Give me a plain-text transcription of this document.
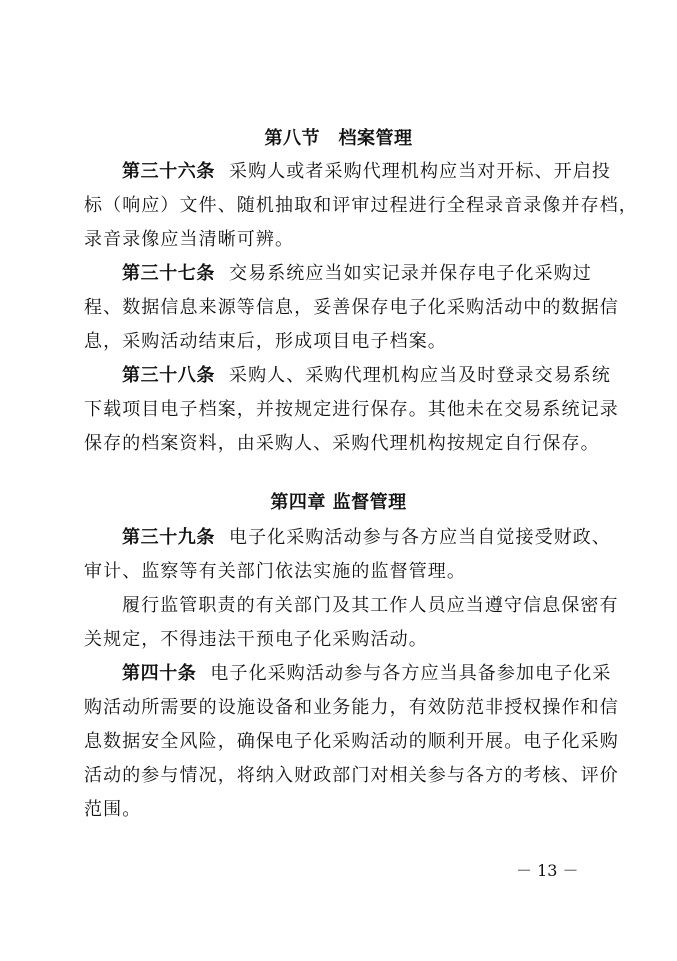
第八节　档案管理
第三十六条 采购人或者采购代理机构应当对开标、开启投
标（响应）文件、随机抽取和评审过程进行全程录音录像并存档，
录音录像应当清晰可辨。
第三十七条 交易系统应当如实记录并保存电子化采购过
程、数据信息来源等信息，妥善保存电子化采购活动中的数据信
息，采购活动结束后，形成项目电子档案。
第三十八条 采购人、采购代理机构应当及时登录交易系统
下载项目电子档案，并按规定进行保存。其他未在交易系统记录
保存的档案资料，由采购人、采购代理机构按规定自行保存。
第四章 监督管理
第三十九条 电子化采购活动参与各方应当自觉接受财政、
审计、监察等有关部门依法实施的监督管理。
履行监管职责的有关部门及其工作人员应当遵守信息保密有
关规定，不得违法干预电子化采购活动。
第四十条 电子化采购活动参与各方应当具备参加电子化采
购活动所需要的设施设备和业务能力，有效防范非授权操作和信
息数据安全风险，确保电子化采购活动的顺利开展。电子化采购
活动的参与情况，将纳入财政部门对相关参与各方的考核、评价
范围。
－ 13 －
